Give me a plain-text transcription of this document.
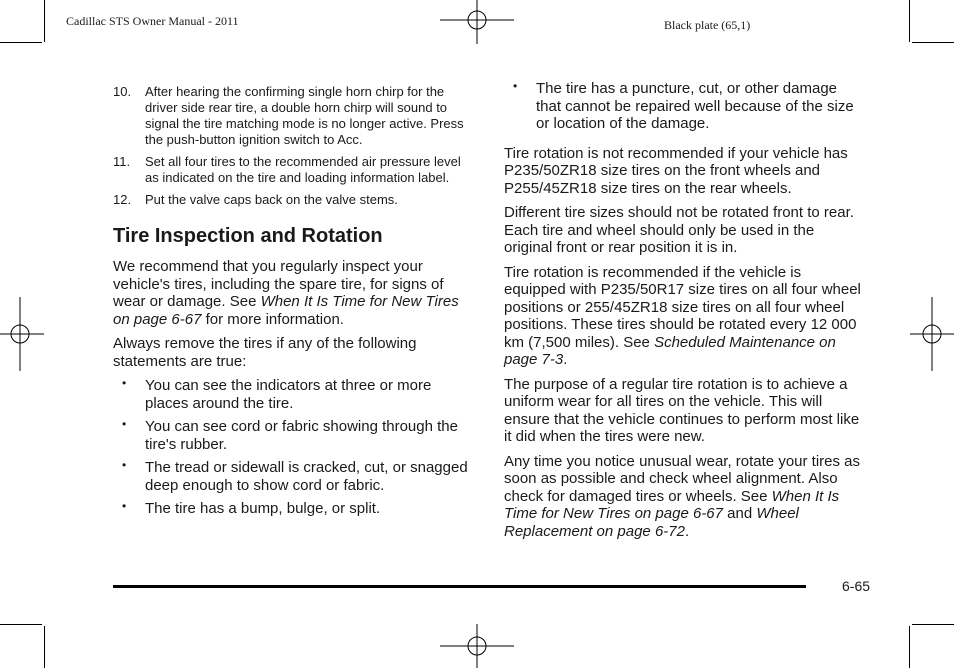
Cadillac STS Owner Manual - 2011	Black plate (65,1)
10. After hearing the confirming single horn chirp for the driver side rear tire, a double horn chirp will sound to signal the tire matching mode is no longer active. Press the push-button ignition switch to Acc.
11. Set all four tires to the recommended air pressure level as indicated on the tire and loading information label.
12. Put the valve caps back on the valve stems.
Tire Inspection and Rotation

We recommend that you regularly inspect your vehicle's tires, including the spare tire, for signs of wear or damage. See When It Is Time for New Tires on page 6-67 for more information.

Always remove the tires if any of the following statements are true:

• You can see the indicators at three or more places around the tire.
• You can see cord or fabric showing through the tire's rubber.
• The tread or sidewall is cracked, cut, or snagged deep enough to show cord or fabric.
• The tire has a bump, bulge, or split.
• The tire has a puncture, cut, or other damage that cannot be repaired well because of the size or location of the damage.

Tire rotation is not recommended if your vehicle has P235/50ZR18 size tires on the front wheels and P255/45ZR18 size tires on the rear wheels.

Different tire sizes should not be rotated front to rear. Each tire and wheel should only be used in the original front or rear position it is in.

Tire rotation is recommended if the vehicle is equipped with P235/50R17 size tires on all four wheel positions or 255/45ZR18 size tires on all four wheel positions. These tires should be rotated every 12 000 km (7,500 miles). See Scheduled Maintenance on page 7-3.

The purpose of a regular tire rotation is to achieve a uniform wear for all tires on the vehicle. This will ensure that the vehicle continues to perform most like it did when the tires were new.

Any time you notice unusual wear, rotate your tires as soon as possible and check wheel alignment. Also check for damaged tires or wheels. See When It Is Time for New Tires on page 6-67 and Wheel Replacement on page 6-72.

6-65
